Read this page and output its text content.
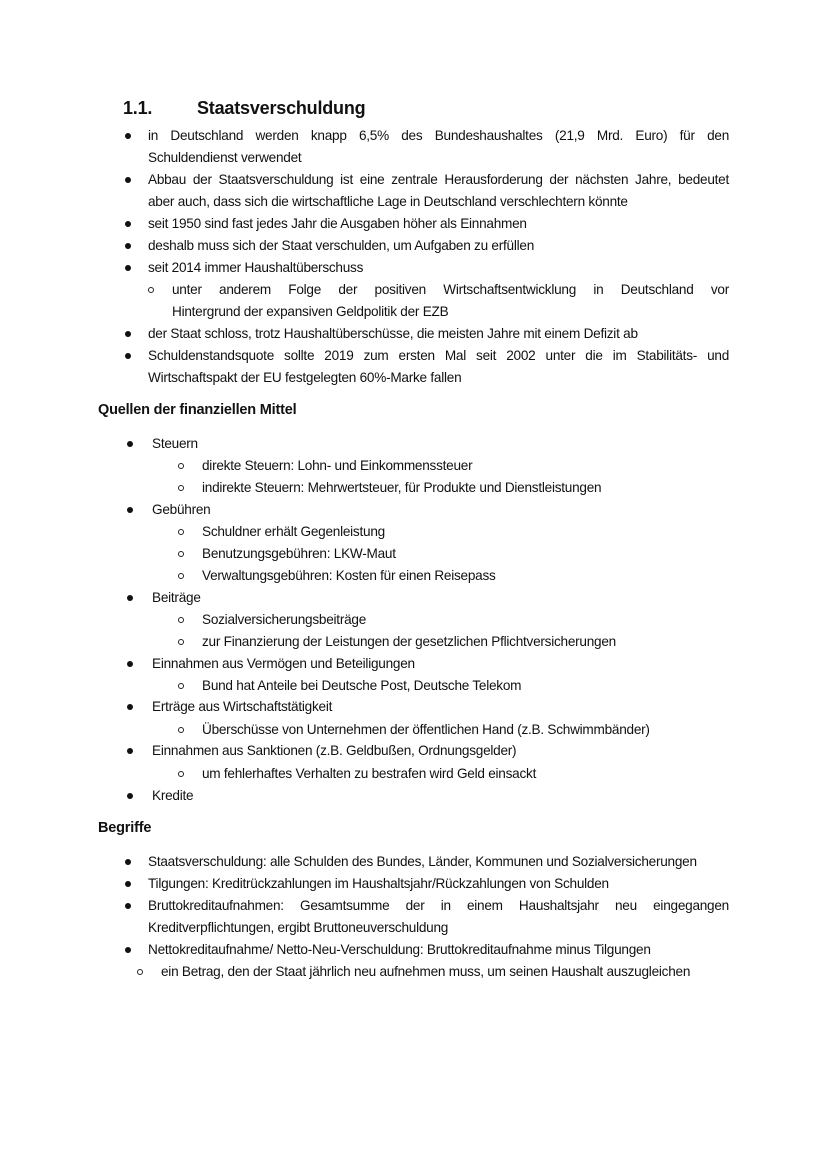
1.1. Staatsverschuldung
in Deutschland werden knapp 6,5% des Bundeshaushaltes (21,9 Mrd. Euro) für den
Schuldendienst verwendet
Abbau der Staatsverschuldung ist eine zentrale Herausforderung der nächsten Jahre, bedeutet
aber auch, dass sich die wirtschaftliche Lage in Deutschland verschlechtern könnte
seit 1950 sind fast jedes Jahr die Ausgaben höher als Einnahmen
deshalb muss sich der Staat verschulden, um Aufgaben zu erfüllen
seit 2014 immer Haushaltüberschuss
unter anderem Folge der positiven Wirtschaftsentwicklung in Deutschland vor
Hintergrund der expansiven Geldpolitik der EZB
der Staat schloss, trotz Haushaltüberschüsse, die meisten Jahre mit einem Defizit ab
Schuldenstandsquote sollte 2019 zum ersten Mal seit 2002 unter die im Stabilitäts- und
Wirtschaftspakt der EU festgelegten 60%-Marke fallen
Quellen der finanziellen Mittel
Steuern
direkte Steuern: Lohn- und Einkommenssteuer
indirekte Steuern: Mehrwertsteuer, für Produkte und Dienstleistungen
Gebühren
Schuldner erhält Gegenleistung
Benutzungsgebühren: LKW-Maut
Verwaltungsgebühren: Kosten für einen Reisepass
Beiträge
Sozialversicherungsbeiträge
zur Finanzierung der Leistungen der gesetzlichen Pflichtversicherungen
Einnahmen aus Vermögen und Beteiligungen
Bund hat Anteile bei Deutsche Post, Deutsche Telekom
Erträge aus Wirtschaftstätigkeit
Überschüsse von Unternehmen der öffentlichen Hand (z.B. Schwimmbänder)
Einnahmen aus Sanktionen (z.B. Geldbußen, Ordnungsgelder)
um fehlerhaftes Verhalten zu bestrafen wird Geld einsackt
Kredite
Begriffe
Staatsverschuldung: alle Schulden des Bundes, Länder, Kommunen und Sozialversicherungen
Tilgungen: Kreditrückzahlungen im Haushaltsjahr/Rückzahlungen von Schulden
Bruttokreditaufnahmen: Gesamtsumme der in einem Haushaltsjahr neu eingegangen
Kreditverpflichtungen, ergibt Bruttoneuverschuldung
Nettokreditaufnahme/ Netto-Neu-Verschuldung: Bruttokreditaufnahme minus Tilgungen
ein Betrag, den der Staat jährlich neu aufnehmen muss, um seinen Haushalt auszugleichen
